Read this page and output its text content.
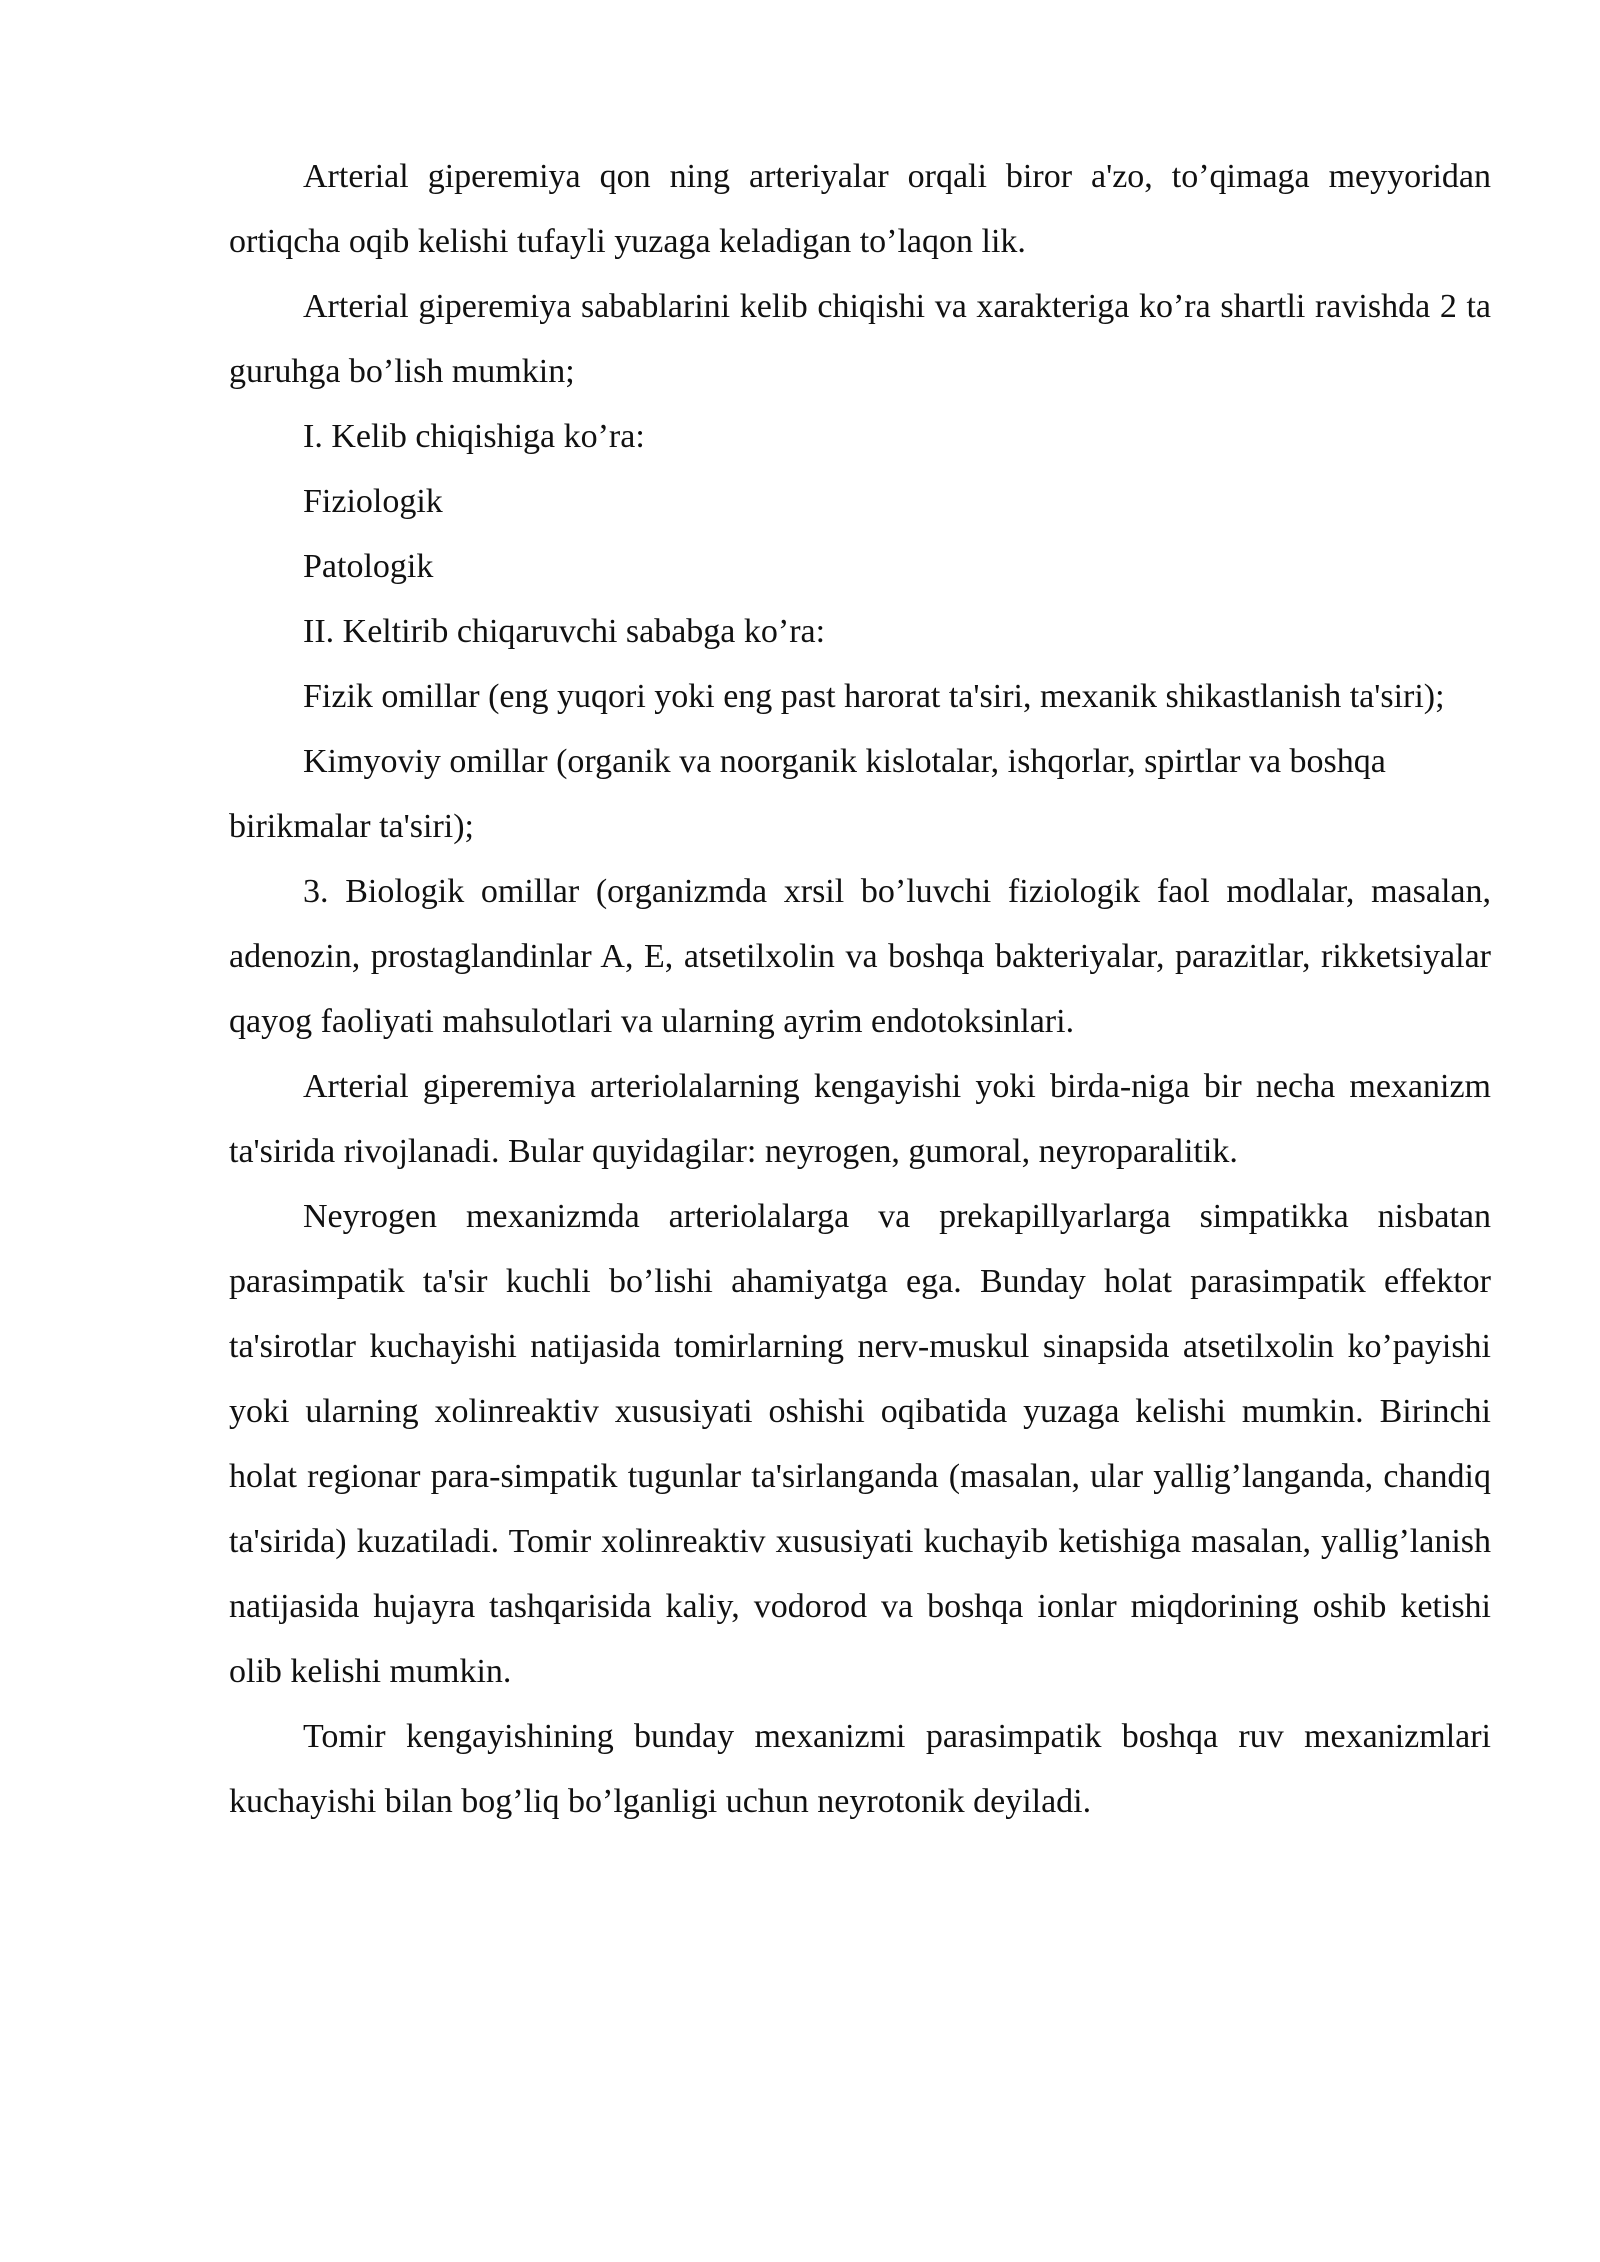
Arterial giperemiya qon ning arteriyalar orqali biror a'zo, to’qimaga meyyoridan ortiqcha oqib kelishi tufayli yuzaga keladigan to’laqon lik.

Arterial giperemiya sabablarini kelib chiqishi va xarakteriga ko’ra shartli ravishda 2 ta guruhga bo’lish mumkin;

I. Kelib chiqishiga ko’ra:

Fiziologik

Patologik

II. Keltirib chiqaruvchi sababga ko’ra:

Fizik omillar (eng yuqori yoki eng past harorat ta'siri, mexanik shikastlanish ta'siri);

Kimyoviy omillar (organik va noorganik kislotalar, ishqorlar, spirtlar va boshqa birikmalar ta'siri);

3. Biologik omillar (organizmda xrsil bo’luvchi fiziologik faol modlalar, masalan, adenozin, prostaglandinlar A, E, atsetilxolin va boshqa bakteriyalar, parazitlar, rikketsiyalar qayog faoliyati mahsulotlari va ularning ayrim endotoksinlari.

Arterial giperemiya arteriolalarning kengayishi yoki birda-niga bir necha mexanizm ta'sirida rivojlanadi. Bular quyidagilar: neyrogen, gumoral, neyroparalitik.

Neyrogen mexanizmda arteriolalarga va prekapillyarlarga simpatikka nisbatan parasimpatik ta'sir kuchli bo’lishi ahamiyatga ega. Bunday holat parasimpatik effektor ta'sirotlar kuchayishi natijasida tomirlarning nerv-muskul sinapsida atsetilxolin ko’payishi yoki ularning xolinreaktiv xususiyati oshishi oqibatida yuzaga kelishi mumkin. Birinchi holat regionar para-simpatik tugunlar ta'sirlanganda (masalan, ular yallig’langanda, chandiq ta'sirida) kuzatiladi. Tomir xolinreaktiv xususiyati kuchayib ketishiga masalan, yallig’lanish natijasida hujayra tashqarisida kaliy, vodorod va boshqa ionlar miqdorining oshib ketishi olib kelishi mumkin.

Tomir kengayishining bunday mexanizmi parasimpatik boshqa ruv mexanizmlari kuchayishi bilan bog’liq bo’lganligi uchun neyrotonik deyiladi.
